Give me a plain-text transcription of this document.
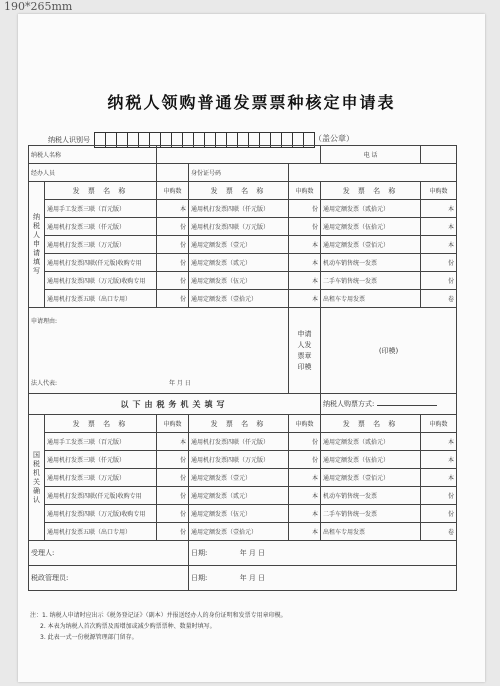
190*265mm
纳税人领购普通发票票种核定申请表
纳税人识别号	（盖公章）
纳税人名称					电 话	
经办人员			身份证号码			
纳税人申请填写	发 票 名 称	申购数	发 票 名 称	申购数	发 票 名 称	申购数
	通用手工发票三联（百元版）	本	通用机打发票四联（仟元版）	份	通用定额发票（贰拾元）	本
	通用机打发票三联（仟元版）	份	通用机打发票四联（万元版）	份	通用定额发票（伍拾元）	本
	通用机打发票三联（万元版）	份	通用定额发票（壹元）	本	通用定额发票（壹佰元）	本
	通用机打发票四联(仟元版)收购专用	份	通用定额发票（贰元）	本	机动车销售统一发票	份
	通用机打发票四联（万元版)收购专用	份	通用定额发票（伍元）	本	二手车销售统一发票	份
	通用机打发票五联（出口专用）	份	通用定额发票（壹拾元）	本	出租车专用发票	卷
申请理由:				申请人发票章印模	(印模)	
法人代表: 年 月 日						
以下由税务机关填写					纳税人购票方式:	
国税机关确认	发 票 名 称	申购数	发 票 名 称	申购数	发 票 名 称	申购数
	通用手工发票三联（百元版）	本	通用机打发票四联（仟元版）	份	通用定额发票（贰拾元）	本
	通用机打发票三联（仟元版）	份	通用机打发票四联（万元版）	份	通用定额发票（伍拾元）	本
	通用机打发票三联（万元版）	份	通用定额发票（壹元）	本	通用定额发票（壹佰元）	本
	通用机打发票四联(仟元版)收购专用	份	通用定额发票（贰元）	本	机动车销售统一发票	份
	通用机打发票四联（万元版)收购专用	份	通用定额发票（伍元）	本	二手车销售统一发票	份
	通用机打发票五联（出口专用）	份	通用定额发票（壹拾元）	本	出租车专用发票	卷
受理人:			日期: 年 月 日			
税政管理员:			日期: 年 月 日			
注：1. 纳税人申请时应出示《税务登记证》（副本）并报送经办人的身份证明和发票专用章印模。
2. 本表为纳税人首次购票及需增加或减少购票票种、数量时填写。
3. 此表一式一份税源管理部门留存。
